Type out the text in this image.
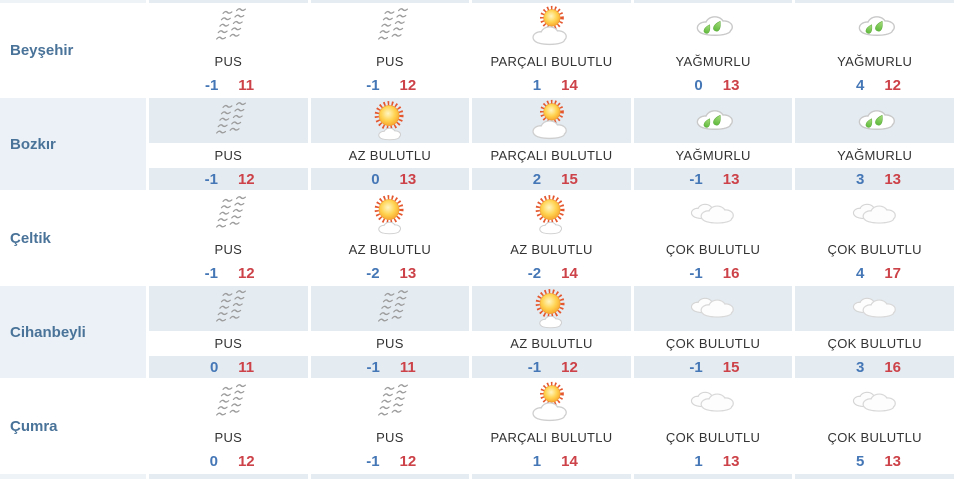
Beyşehir
PUS
-1 11
PUS
-1 12
PARÇALI BULUTLU
1 14
YAĞMURLU
0 13
YAĞMURLU
4 12
Bozkır
PUS
-1 12
AZ BULUTLU
0 13
PARÇALI BULUTLU
2 15
YAĞMURLU
-1 13
YAĞMURLU
3 13
Çeltik
PUS
-1 12
AZ BULUTLU
-2 13
AZ BULUTLU
-2 14
ÇOK BULUTLU
-1 16
ÇOK BULUTLU
4 17
Cihanbeyli
PUS
0 11
PUS
-1 11
AZ BULUTLU
-1 12
ÇOK BULUTLU
-1 15
ÇOK BULUTLU
3 16
Çumra
PUS
0 12
PUS
-1 12
PARÇALI BULUTLU
1 14
ÇOK BULUTLU
1 13
ÇOK BULUTLU
5 13
